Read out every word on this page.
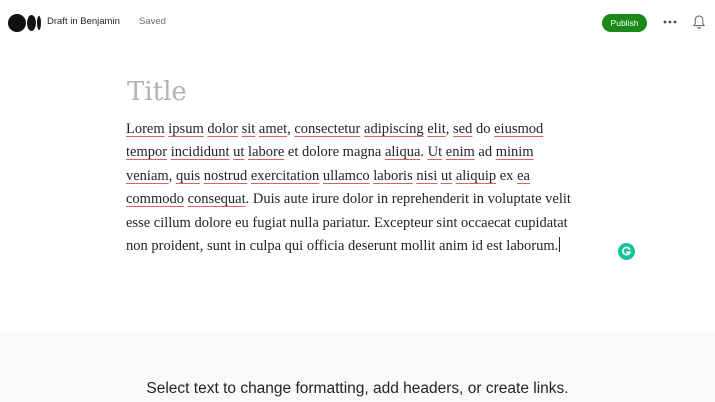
Draft in Benjamin Saved	Publish
Title

Lorem ipsum dolor sit amet, consectetur adipiscing elit, sed do eiusmod
tempor incididunt ut labore et dolore magna aliqua. Ut enim ad minim
veniam, quis nostrud exercitation ullamco laboris nisi ut aliquip ex ea
commodo consequat. Duis aute irure dolor in reprehenderit in voluptate velit
esse cillum dolore eu fugiat nulla pariatur. Excepteur sint occaecat cupidatat
non proident, sunt in culpa qui officia deserunt mollit anim id est laborum.

Select text to change formatting, add headers, or create links.
